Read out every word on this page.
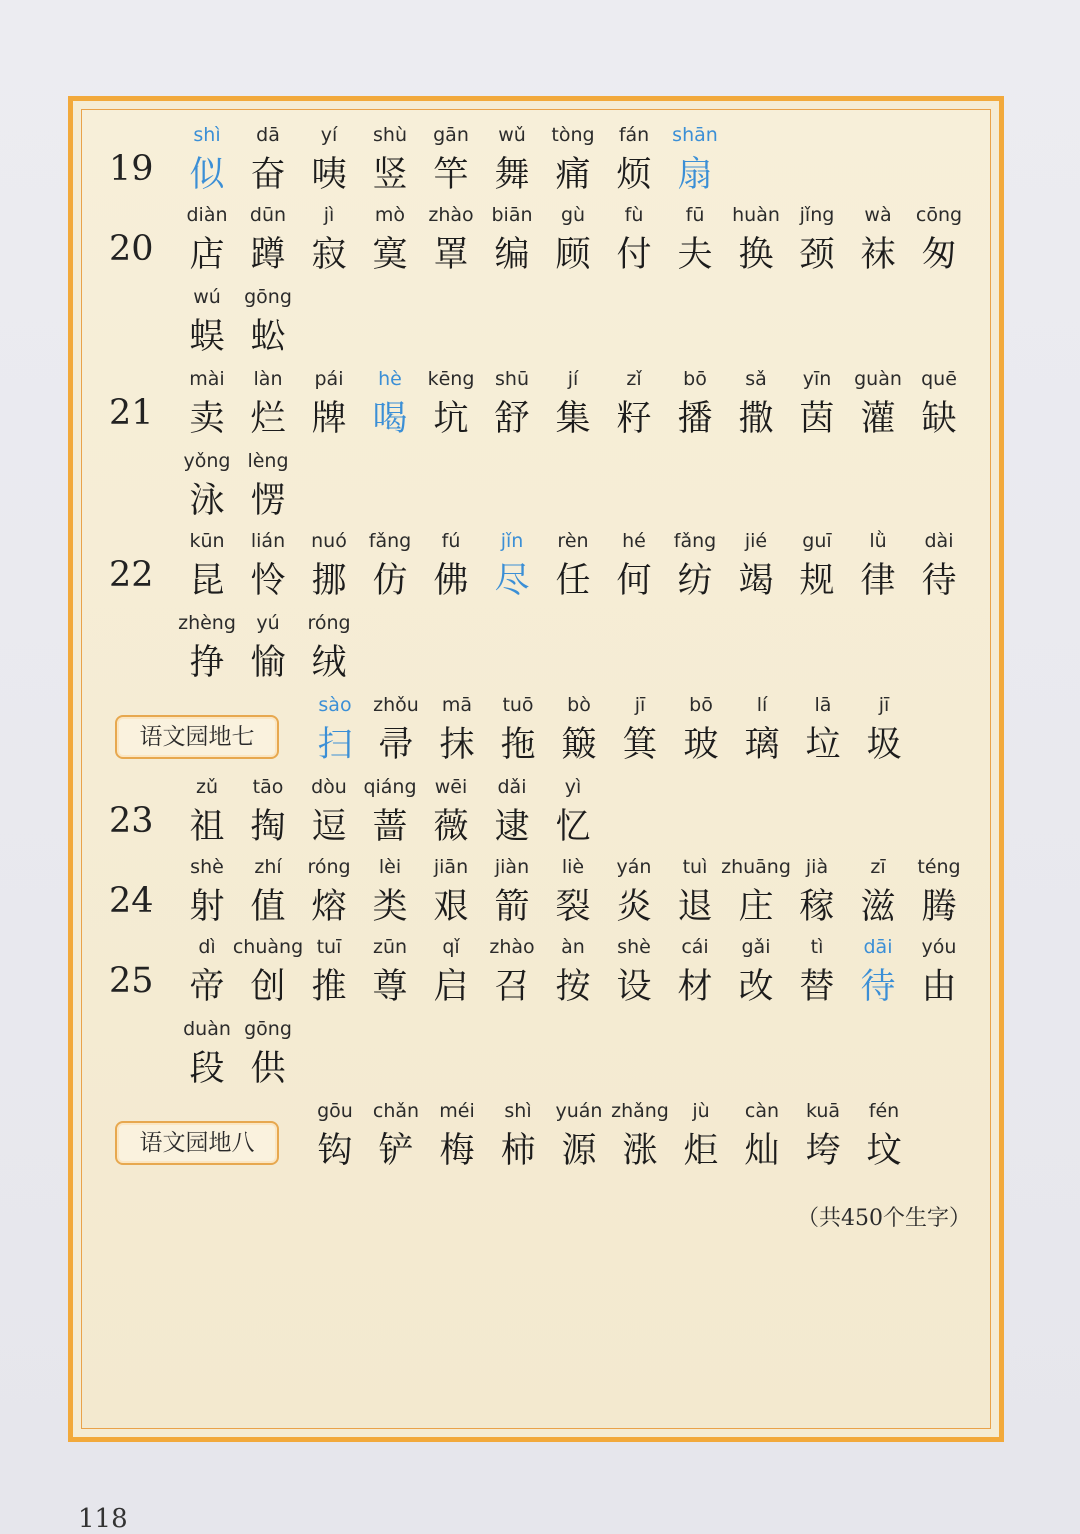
19
shì
似
dā
奋
yí
咦
shù
竖
gān
竿
wǔ
舞
tòng
痛
fán
烦
shān
扇
20
diàn
店
dūn
蹲
jì
寂
mò
寞
zhào
罩
biān
编
gù
顾
fù
付
fū
夫
huàn
换
jǐng
颈
wà
袜
cōng
匆
wú
蜈
gōng
蚣
21
mài
卖
làn
烂
pái
牌
hè
喝
kēng
坑
shū
舒
jí
集
zǐ
籽
bō
播
sǎ
撒
yīn
茵
guàn
灌
quē
缺
yǒng
泳
lèng
愣
22
kūn
昆
lián
怜
nuó
挪
fǎng
仿
fú
佛
jǐn
尽
rèn
任
hé
何
fǎng
纺
jié
竭
guī
规
lǜ
律
dài
待
zhèng
挣
yú
愉
róng
绒
语文园地七
sào
扫
zhǒu
帚
mā
抹
tuō
拖
bò
簸
jī
箕
bō
玻
lí
璃
lā
垃
jī
圾
23
zǔ
祖
tāo
掏
dòu
逗
qiáng
蔷
wēi
薇
dǎi
逮
yì
忆
24
shè
射
zhí
值
róng
熔
lèi
类
jiān
艰
jiàn
箭
liè
裂
yán
炎
tuì
退
zhuāng
庄
jià
稼
zī
滋
téng
腾
25
dì
帝
chuàng
创
tuī
推
zūn
尊
qǐ
启
zhào
召
àn
按
shè
设
cái
材
gǎi
改
tì
替
dāi
待
yóu
由
duàn
段
gōng
供
语文园地八
gōu
钩
chǎn
铲
méi
梅
shì
柿
yuán
源
zhǎng
涨
jù
炬
càn
灿
kuā
垮
fén
坟
（共450个生字）
118
